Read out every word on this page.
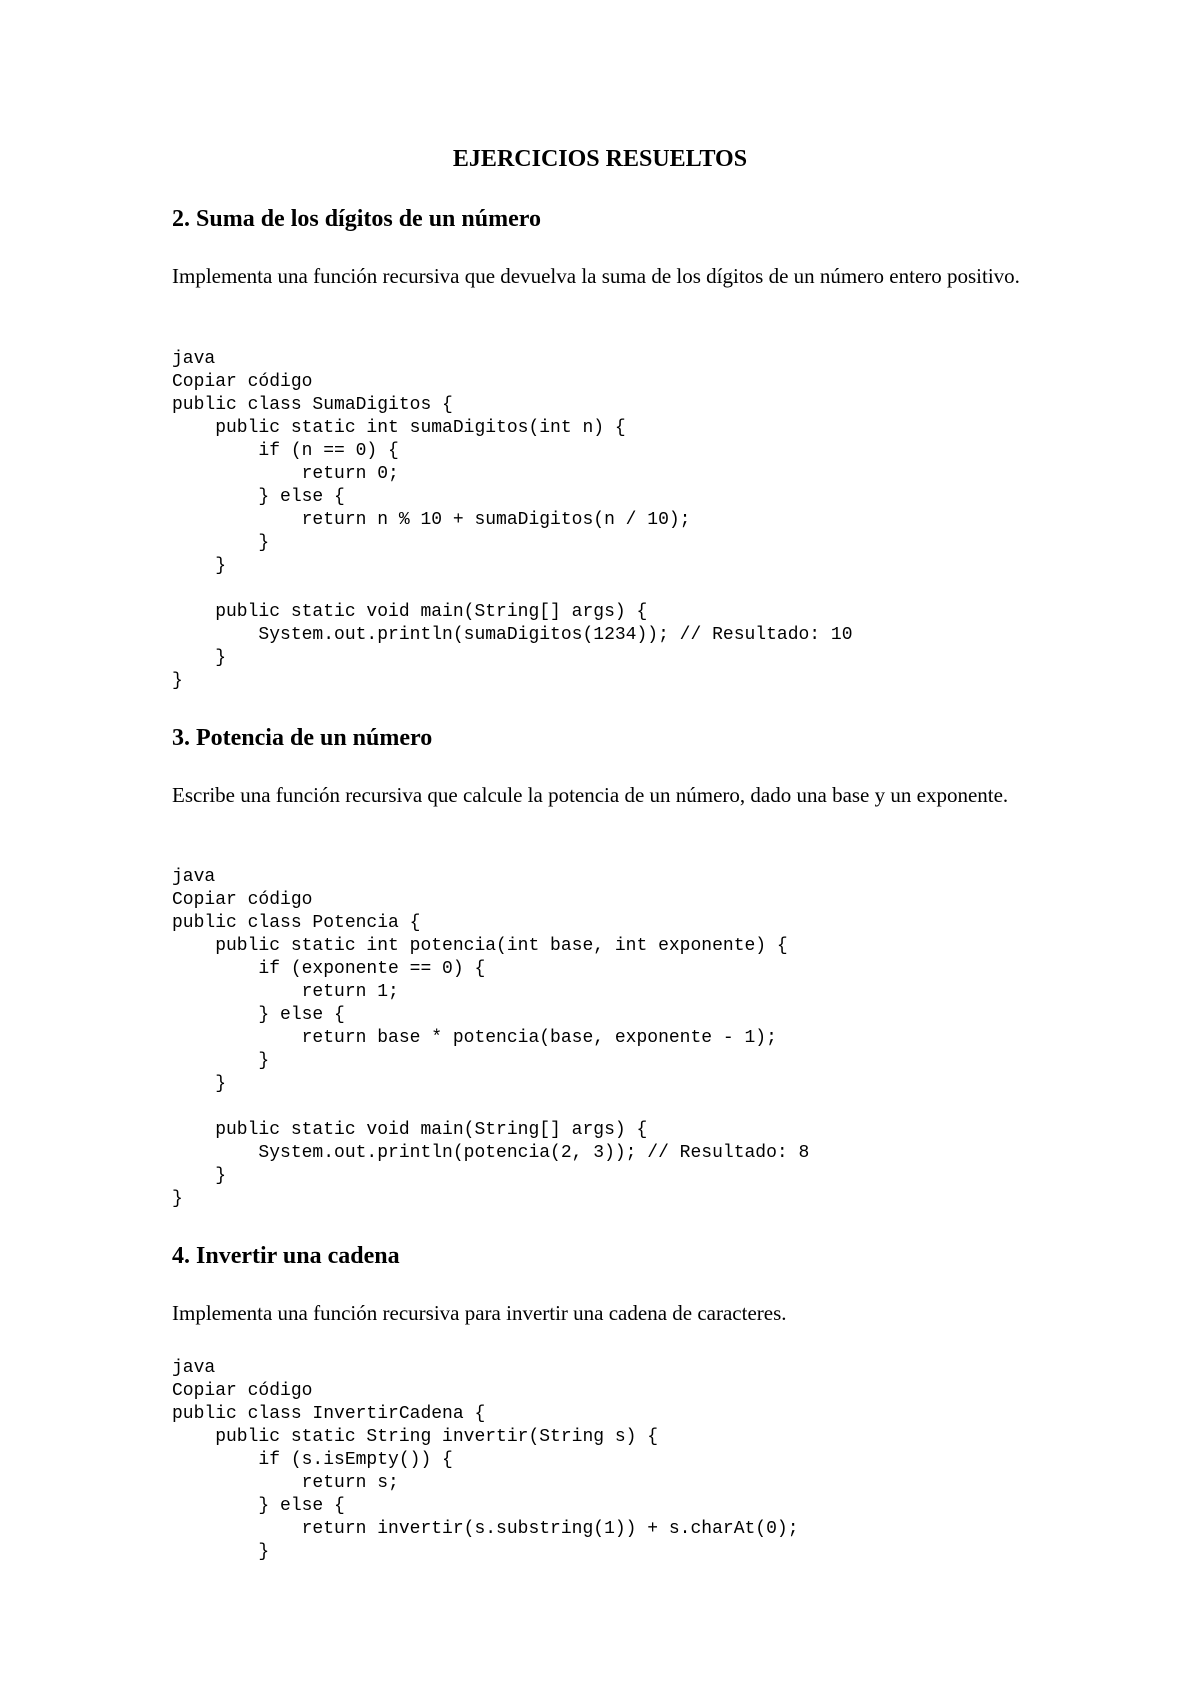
EJERCICIOS RESUELTOS
2. Suma de los dígitos de un número

Implementa una función recursiva que devuelva la suma de los dígitos de un número entero positivo.

java
Copiar código
public class SumaDigitos {
public static int sumaDigitos(int n) {
if (n == 0) {
return 0;
} else {
return n % 10 + sumaDigitos(n / 10);
}
}
public static void main(String[] args) {
System.out.println(sumaDigitos(1234)); // Resultado: 10
}
}
3. Potencia de un número

Escribe una función recursiva que calcule la potencia de un número, dado una base y un exponente.

java
Copiar código
public class Potencia {
public static int potencia(int base, int exponente) {
if (exponente == 0) {
return 1;
} else {
return base * potencia(base, exponente - 1);
}
}
public static void main(String[] args) {
System.out.println(potencia(2, 3)); // Resultado: 8
}
}
4. Invertir una cadena

Implementa una función recursiva para invertir una cadena de caracteres.

java
Copiar código
public class InvertirCadena {
public static String invertir(String s) {
if (s.isEmpty()) {
return s;
} else {
return invertir(s.substring(1)) + s.charAt(0);
}
